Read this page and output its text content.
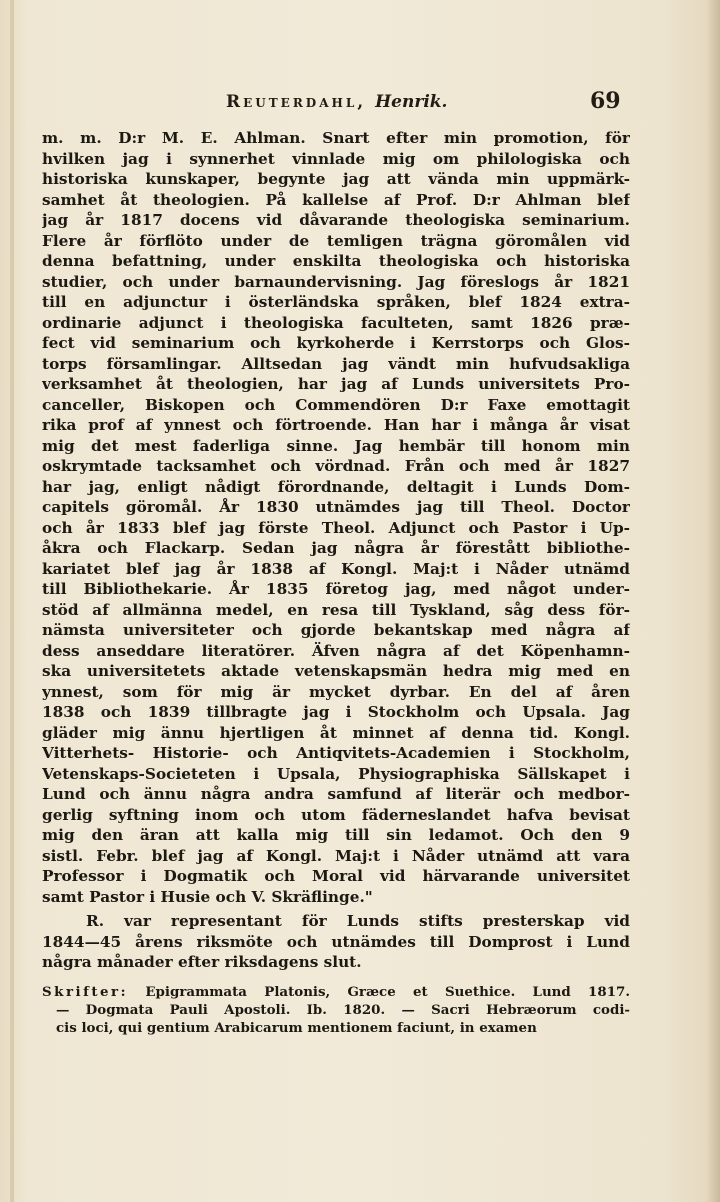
Reuterdahl, Henrik.	69
m. m. D:r M. E. Ahlman. Snart efter min promotion, för
hvilken jag i synnerhet vinnlade mig om philologiska och
historiska kunskaper, begynte jag att vända min uppmärk-
samhet åt theologien. På kallelse af Prof. D:r Ahlman blef
jag år 1817 docens vid dåvarande theologiska seminarium.
Flere år förflöto under de temligen trägna göromålen vid
denna befattning, under enskilta theologiska och historiska
studier, och under barnaundervisning. Jag föreslogs år 1821
till en adjunctur i österländska språken, blef 1824 extra-
ordinarie adjunct i theologiska faculteten, samt 1826 præ-
fect vid seminarium och kyrkoherde i Kerrstorps och Glos-
torps församlingar. Alltsedan jag vändt min hufvudsakliga
verksamhet åt theologien, har jag af Lunds universitets Pro-
canceller, Biskopen och Commendören D:r Faxe emottagit
rika prof af ynnest och förtroende. Han har i många år visat
mig det mest faderliga sinne. Jag hembär till honom min
oskrymtade tacksamhet och vördnad. Från och med år 1827
har jag, enligt nådigt förordnande, deltagit i Lunds Dom-
capitels göromål. År 1830 utnämdes jag till Theol. Doctor
och år 1833 blef jag förste Theol. Adjunct och Pastor i Up-
åkra och Flackarp. Sedan jag några år förestått bibliothe-
kariatet blef jag år 1838 af Kongl. Maj:t i Nåder utnämd
till Bibliothekarie. År 1835 företog jag, med något under-
stöd af allmänna medel, en resa till Tyskland, såg dess för-
nämsta universiteter och gjorde bekantskap med några af
dess anseddare literatörer. Äfven några af det Köpenhamn-
ska universitetets aktade vetenskapsmän hedra mig med en
ynnest, som för mig är mycket dyrbar. En del af åren
1838 och 1839 tillbragte jag i Stockholm och Upsala. Jag
gläder mig ännu hjertligen åt minnet af denna tid. Kongl.
Vitterhets- Historie- och Antiqvitets-Academien i Stockholm,
Vetenskaps-Societeten i Upsala, Physiographiska Sällskapet i
Lund och ännu några andra samfund af literär och medbor-
gerlig syftning inom och utom fäderneslandet hafva bevisat
mig den äran att kalla mig till sin ledamot. Och den 9
sistl. Febr. blef jag af Kongl. Maj:t i Nåder utnämd att vara
Professor i Dogmatik och Moral vid härvarande universitet
samt Pastor i Husie och V. Skräflinge."
R. var representant för Lunds stifts presterskap vid
1844—45 årens riksmöte och utnämdes till Domprost i Lund
några månader efter riksdagens slut.
Skrifter: Epigrammata Platonis, Græce et Suethice. Lund 1817.
— Dogmata Pauli Apostoli. Ib. 1820. — Sacri Hebræorum codi-
cis loci, qui gentium Arabicarum mentionem faciunt, in examen
